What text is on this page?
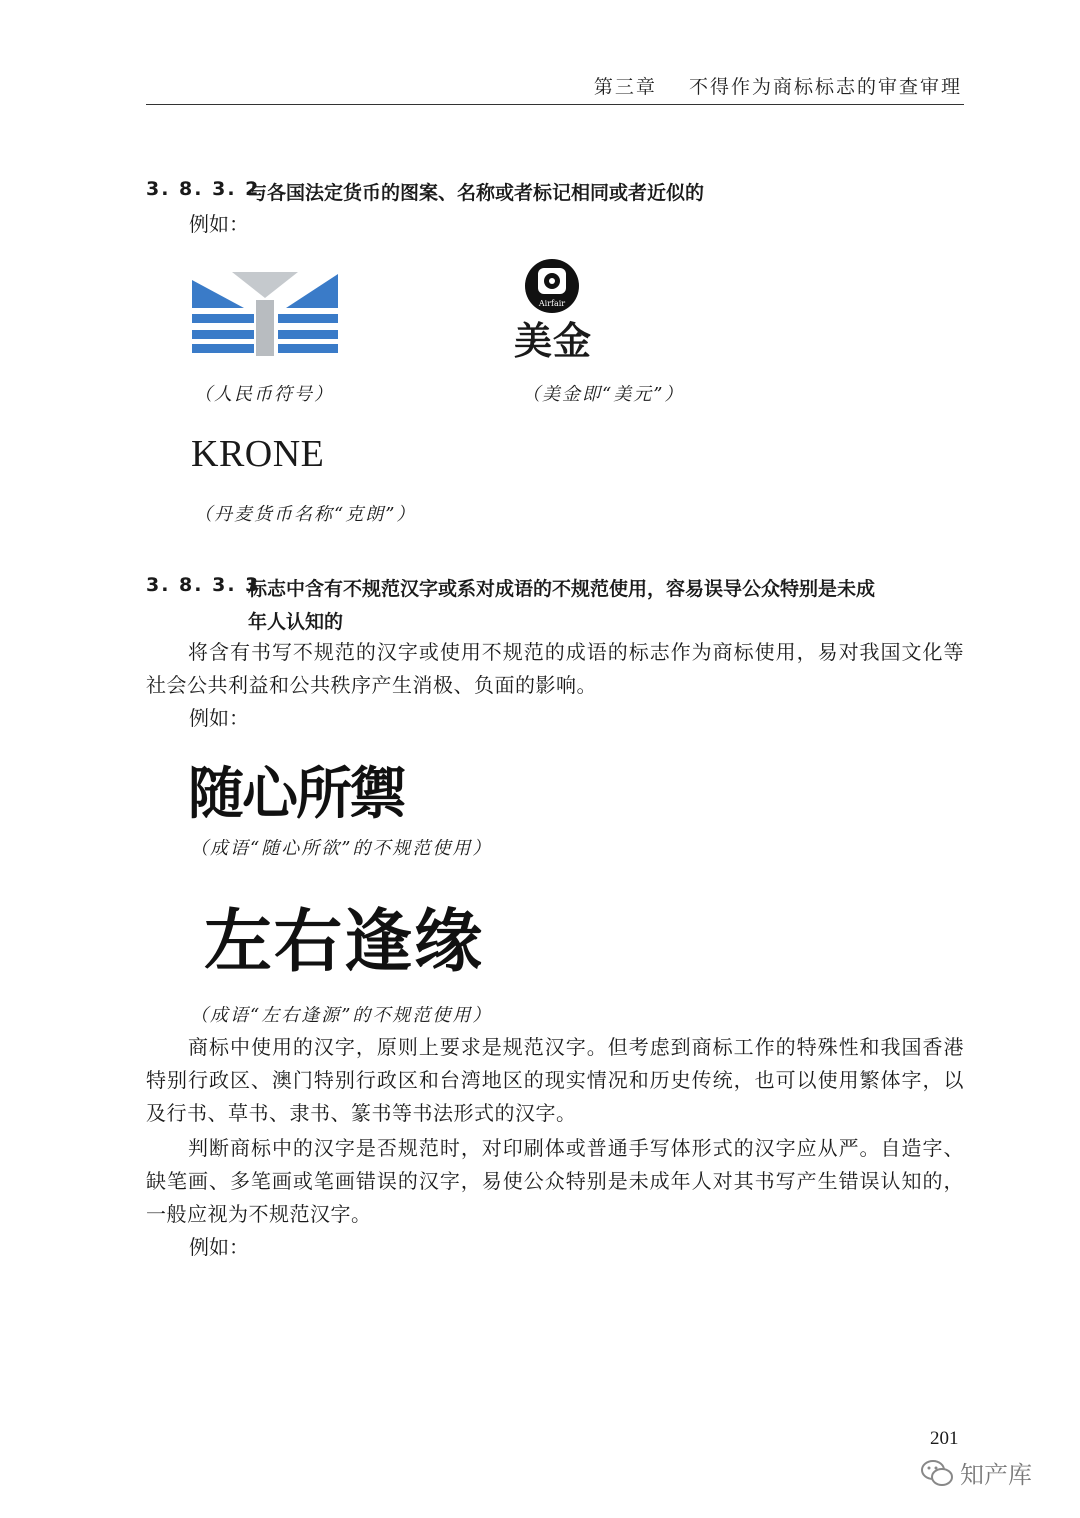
第三章    不得作为商标标志的审查审理
3. 8. 3. 2
与各国法定货币的图案、名称或者标记相同或者近似的
例如：
（人民币符号）
Airfair
美金
（美金即“美元”）
KRONE
（丹麦货币名称“克朗”）
3. 8. 3. 3
标志中含有不规范汉字或系对成语的不规范使用，容易误导公众特别是未成
年人认知的
将含有书写不规范的汉字或使用不规范的成语的标志作为商标使用，易对我国文化等社会公共利益和公共秩序产生消极、负面的影响。
例如：
随心所禦
（成语“随心所欲”的不规范使用）
左右逢缘
（成语“左右逢源”的不规范使用）
商标中使用的汉字，原则上要求是规范汉字。但考虑到商标工作的特殊性和我国香港特别行政区、澳门特别行政区和台湾地区的现实情况和历史传统，也可以使用繁体字，以及行书、草书、隶书、篆书等书法形式的汉字。
判断商标中的汉字是否规范时，对印刷体或普通手写体形式的汉字应从严。自造字、缺笔画、多笔画或笔画错误的汉字，易使公众特别是未成年人对其书写产生错误认知的，一般应视为不规范汉字。
例如：
201
知产库
